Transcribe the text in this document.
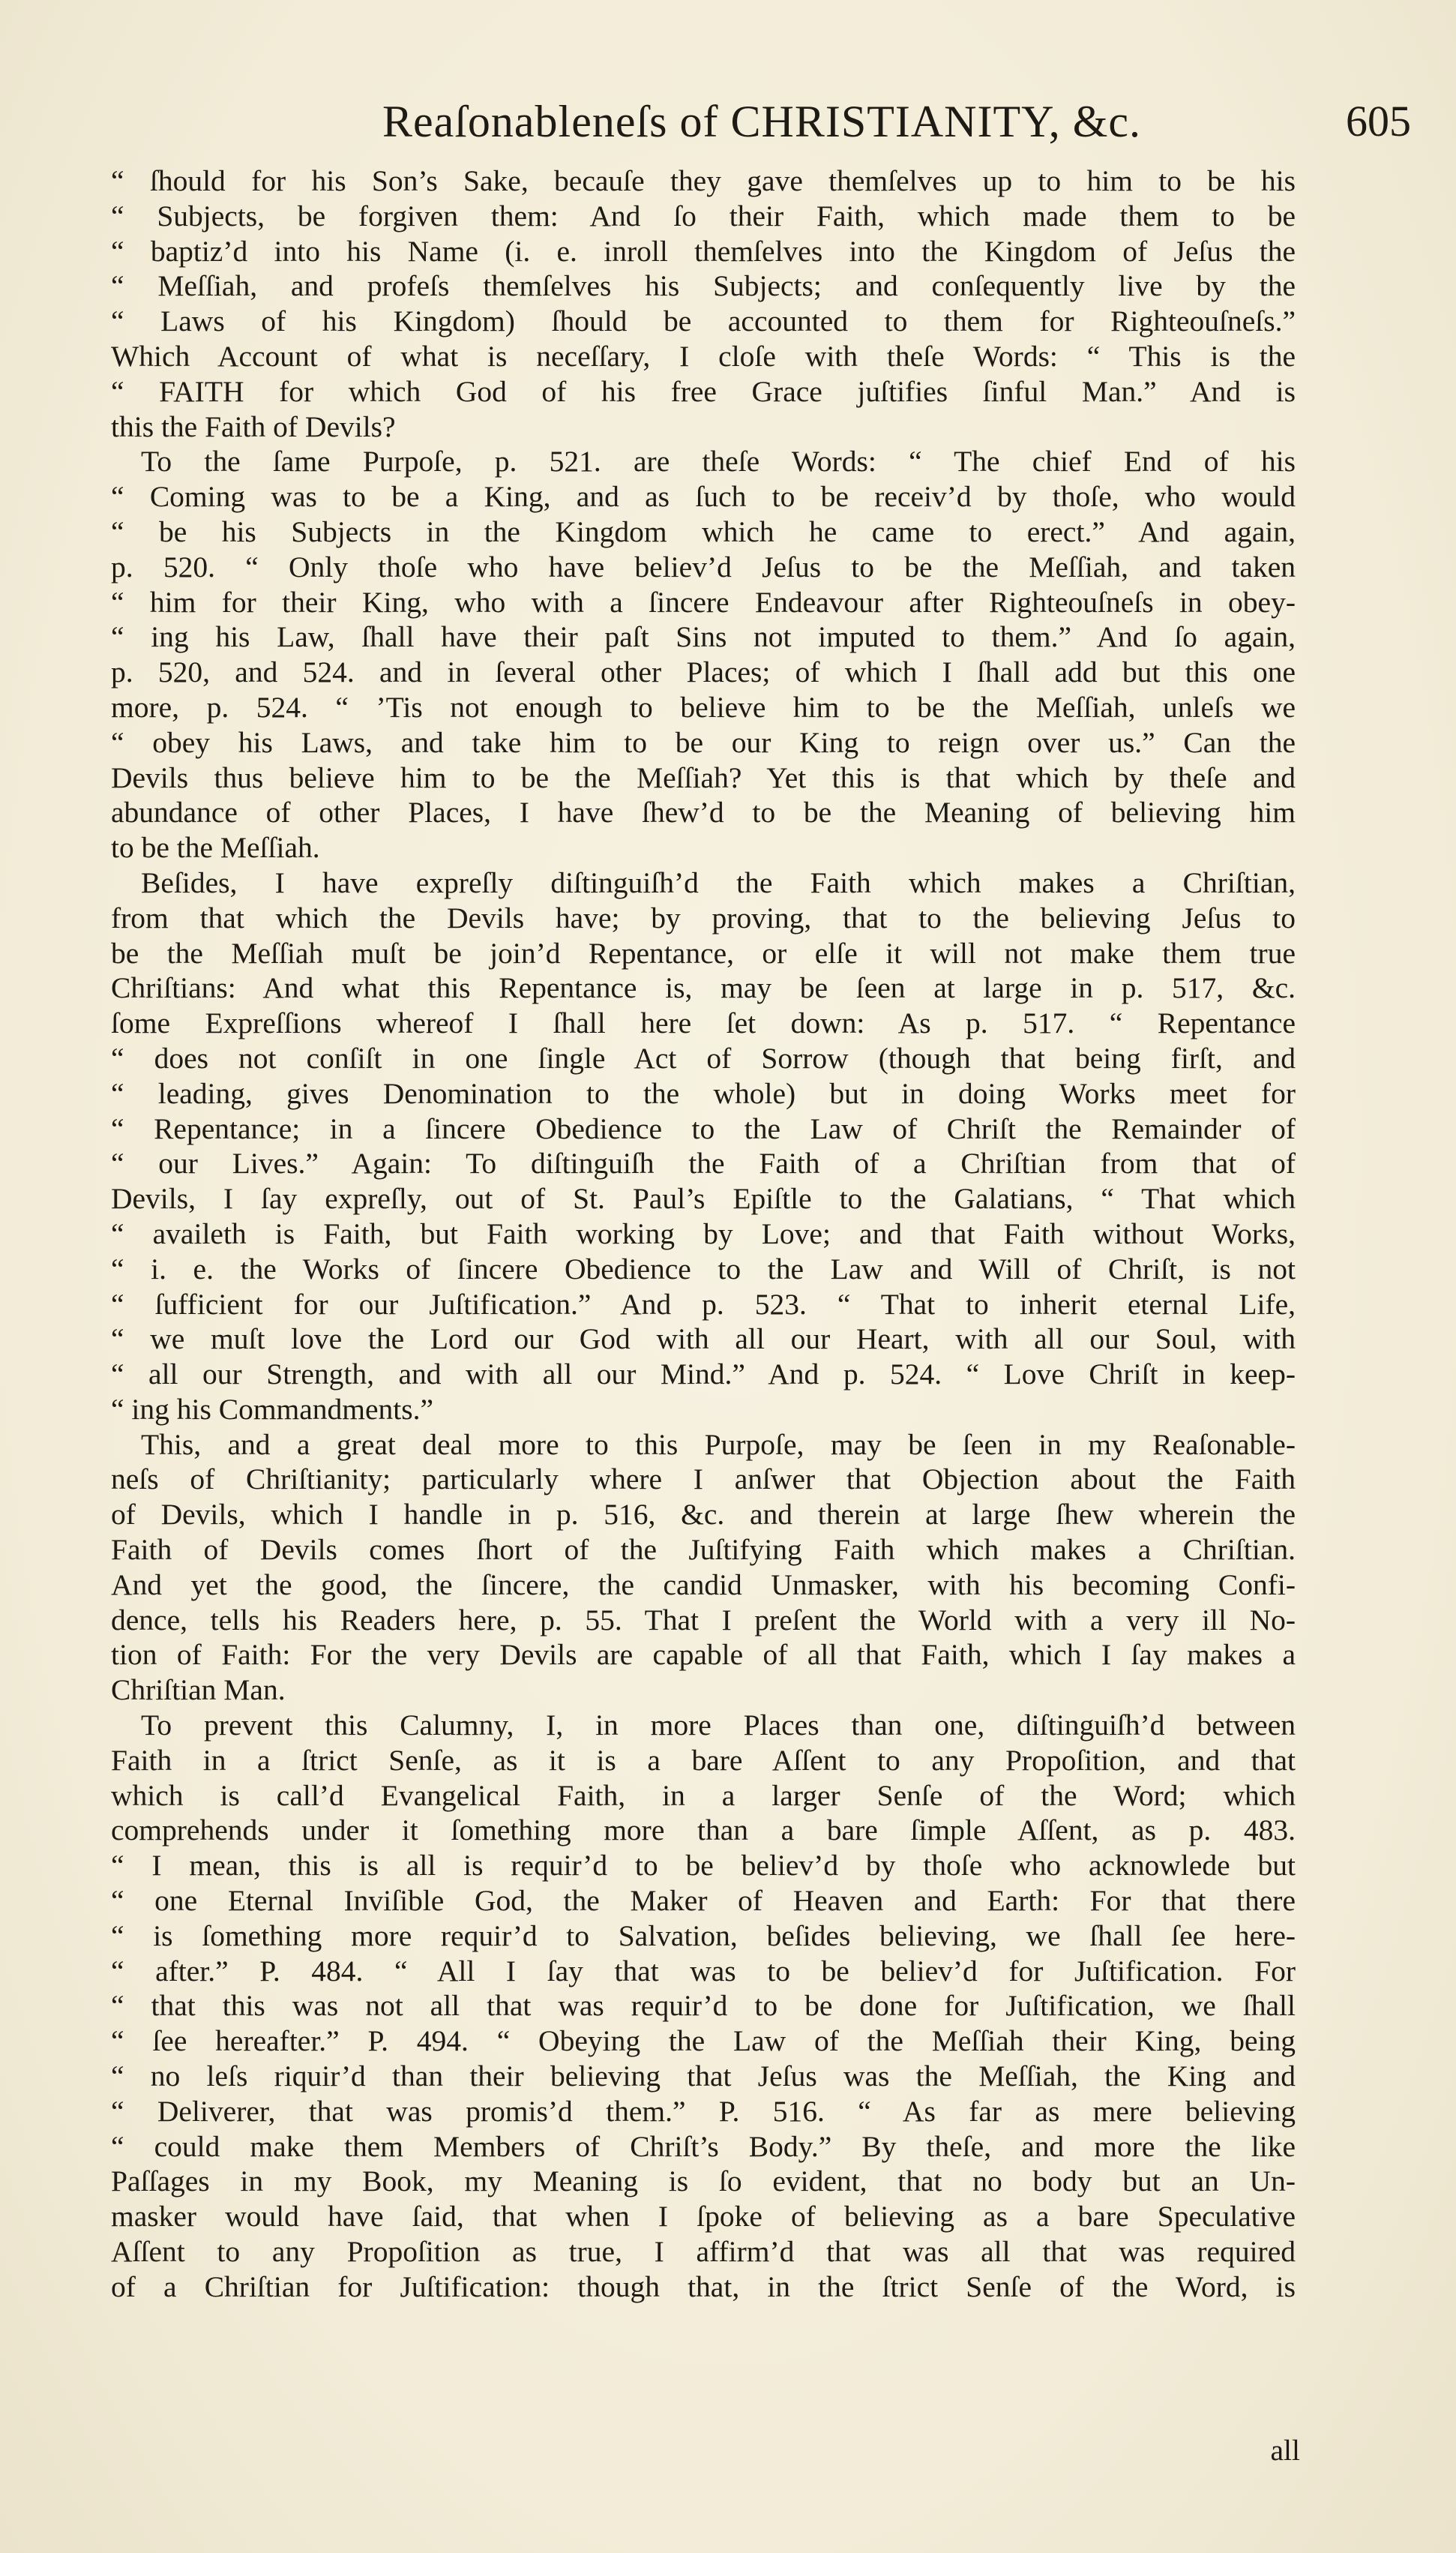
Reaſonableneſs of CHRISTIANITY, &c.	605
“ ſhould for his Son’s Sake, becauſe they gave themſelves up to him to be his
“ Subjects, be forgiven them: And ſo their Faith, which made them to be
“ baptiz’d into his Name (i. e. inroll themſelves into the Kingdom of Jeſus the
“ Meſſiah, and profeſs themſelves his Subjects; and conſequently live by the
“ Laws of his Kingdom) ſhould be accounted to them for Righteouſneſs.”
Which Account of what is neceſſary, I cloſe with theſe Words: “ This is the
“ FAITH for which God of his free Grace juſtifies ſinful Man.” And is
this the Faith of Devils?
To the ſame Purpoſe, p. 521. are theſe Words: “ The chief End of his
“ Coming was to be a King, and as ſuch to be receiv’d by thoſe, who would
“ be his Subjects in the Kingdom which he came to erect.” And again,
p. 520. “ Only thoſe who have believ’d Jeſus to be the Meſſiah, and taken
“ him for their King, who with a ſincere Endeavour after Righteouſneſs in obey-
“ ing his Law, ſhall have their paſt Sins not imputed to them.” And ſo again,
p. 520, and 524. and in ſeveral other Places; of which I ſhall add but this one
more, p. 524. “ ’Tis not enough to believe him to be the Meſſiah, unleſs we
“ obey his Laws, and take him to be our King to reign over us.” Can the
Devils thus believe him to be the Meſſiah? Yet this is that which by theſe and
abundance of other Places, I have ſhew’d to be the Meaning of believing him
to be the Meſſiah.
Beſides, I have expreſly diſtinguiſh’d the Faith which makes a Chriſtian,
from that which the Devils have; by proving, that to the believing Jeſus to
be the Meſſiah muſt be join’d Repentance, or elſe it will not make them true
Chriſtians: And what this Repentance is, may be ſeen at large in p. 517, &c.
ſome Expreſſions whereof I ſhall here ſet down: As p. 517. “ Repentance
“ does not conſiſt in one ſingle Act of Sorrow (though that being firſt, and
“ leading, gives Denomination to the whole) but in doing Works meet for
“ Repentance; in a ſincere Obedience to the Law of Chriſt the Remainder of
“ our Lives.” Again: To diſtinguiſh the Faith of a Chriſtian from that of
Devils, I ſay expreſly, out of St. Paul’s Epiſtle to the Galatians, “ That which
“ availeth is Faith, but Faith working by Love; and that Faith without Works,
“ i. e. the Works of ſincere Obedience to the Law and Will of Chriſt, is not
“ ſufficient for our Juſtification.” And p. 523. “ That to inherit eternal Life,
“ we muſt love the Lord our God with all our Heart, with all our Soul, with
“ all our Strength, and with all our Mind.” And p. 524. “ Love Chriſt in keep-
“ ing his Commandments.”
This, and a great deal more to this Purpoſe, may be ſeen in my Reaſonable-
neſs of Chriſtianity; particularly where I anſwer that Objection about the Faith
of Devils, which I handle in p. 516, &c. and therein at large ſhew wherein the
Faith of Devils comes ſhort of the Juſtifying Faith which makes a Chriſtian.
And yet the good, the ſincere, the candid Unmasker, with his becoming Confi-
dence, tells his Readers here, p. 55. That I preſent the World with a very ill No-
tion of Faith: For the very Devils are capable of all that Faith, which I ſay makes a
Chriſtian Man.
To prevent this Calumny, I, in more Places than one, diſtinguiſh’d between
Faith in a ſtrict Senſe, as it is a bare Aſſent to any Propoſition, and that
which is call’d Evangelical Faith, in a larger Senſe of the Word; which
comprehends under it ſomething more than a bare ſimple Aſſent, as p. 483.
“ I mean, this is all is requir’d to be believ’d by thoſe who acknowlede but
“ one Eternal Inviſible God, the Maker of Heaven and Earth: For that there
“ is ſomething more requir’d to Salvation, beſides believing, we ſhall ſee here-
“ after.” P. 484. “ All I ſay that was to be believ’d for Juſtification. For
“ that this was not all that was requir’d to be done for Juſtification, we ſhall
“ ſee hereafter.” P. 494. “ Obeying the Law of the Meſſiah their King, being
“ no leſs riquir’d than their believing that Jeſus was the Meſſiah, the King and
“ Deliverer, that was promis’d them.” P. 516. “ As far as mere believing
“ could make them Members of Chriſt’s Body.” By theſe, and more the like
Paſſages in my Book, my Meaning is ſo evident, that no body but an Un-
masker would have ſaid, that when I ſpoke of believing as a bare Speculative
Aſſent to any Propoſition as true, I affirm’d that was all that was required
of a Chriſtian for Juſtification: though that, in the ſtrict Senſe of the Word, is
all
